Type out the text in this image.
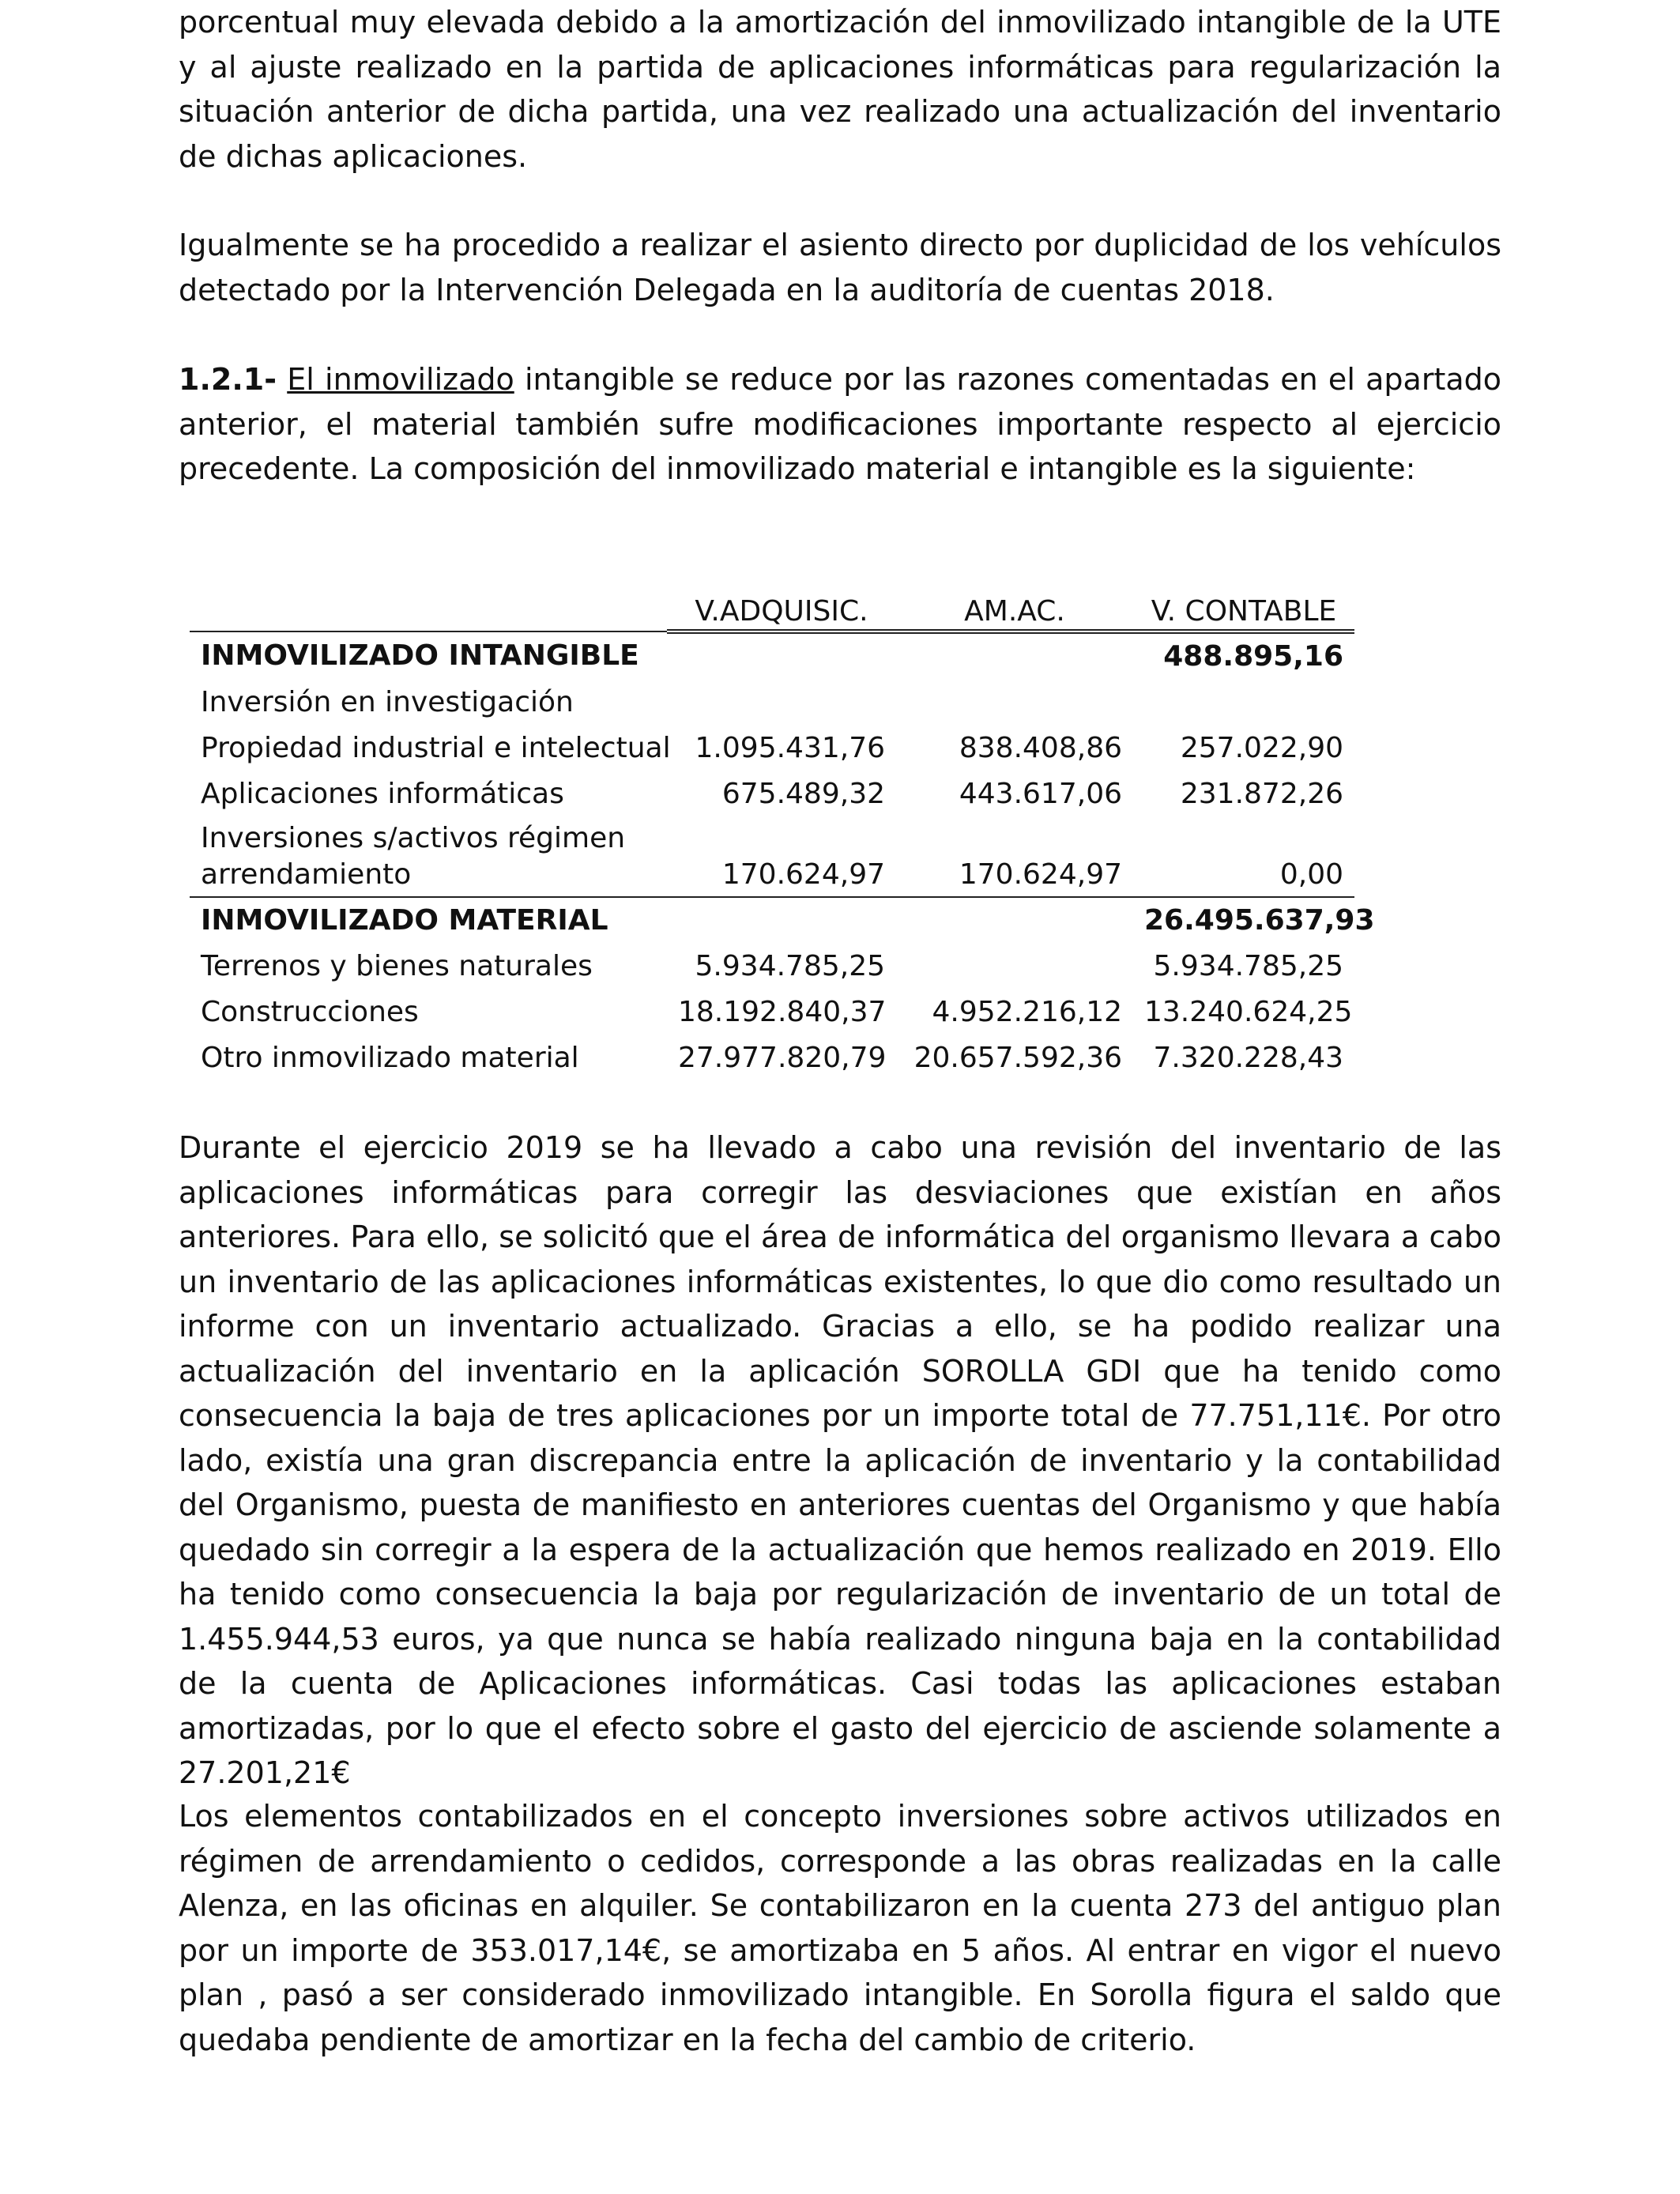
porcentual muy elevada debido a la amortización del inmovilizado intangible de la UTE y al ajuste realizado en la partida de aplicaciones informáticas para regularización la situación anterior de dicha partida, una vez realizado una actualización del inventario de dichas aplicaciones.

Igualmente se ha procedido a realizar el asiento directo por duplicidad de los vehículos detectado por la Intervención Delegada en la auditoría de cuentas 2018.

1.2.1- El inmovilizado intangible se reduce por las razones comentadas en el apartado anterior, el material también sufre modificaciones importante respecto al ejercicio precedente. La composición del inmovilizado material e intangible es la siguiente:

Durante el ejercicio 2019 se ha llevado a cabo una revisión del inventario de las aplicaciones informáticas para corregir las desviaciones que existían en años anteriores. Para ello, se solicitó que el área de informática del organismo llevara a cabo un inventario de las aplicaciones informáticas existentes, lo que dio como resultado un informe con un inventario actualizado. Gracias a ello, se ha podido realizar una actualización del inventario en la aplicación SOROLLA GDI que ha tenido como consecuencia la baja de tres aplicaciones por un importe total de 77.751,11€. Por otro lado, existía una gran discrepancia entre la aplicación de inventario y la contabilidad del Organismo, puesta de manifiesto en anteriores cuentas del Organismo y que había quedado sin corregir a la espera de la actualización que hemos realizado en 2019. Ello ha tenido como consecuencia la baja por regularización de inventario de un total de 1.455.944,53 euros, ya que nunca se había realizado ninguna baja en la contabilidad de la cuenta de Aplicaciones informáticas. Casi todas las aplicaciones estaban amortizadas, por lo que el efecto sobre el gasto del ejercicio de asciende solamente a 27.201,21€

Los elementos contabilizados en el concepto inversiones sobre activos utilizados en régimen de arrendamiento o cedidos, corresponde a las obras realizadas en la calle Alenza, en las oficinas en alquiler. Se contabilizaron en la cuenta 273 del antiguo plan por un importe de 353.017,14€, se amortizaba en 5 años. Al entrar en vigor el nuevo plan , pasó a ser considerado inmovilizado intangible. En Sorolla figura el saldo que quedaba pendiente de amortizar en la fecha del cambio de criterio.

	V.ADQUISIC.	AM.AC.	V. CONTABLE
INMOVILIZADO INTANGIBLE			488.895,16
Inversión en investigación			
Propiedad industrial e intelectual	1.095.431,76	838.408,86	257.022,90
Aplicaciones informáticas	675.489,32	443.617,06	231.872,26

Inversiones s/activos régimen
arrendamiento	170.624,97	170.624,97	0,00
INMOVILIZADO MATERIAL			26.495.637,93
Terrenos y bienes naturales	5.934.785,25		5.934.785,25
Construcciones	18.192.840,37	4.952.216,12	13.240.624,25
Otro inmovilizado material	27.977.820,79	20.657.592,36	7.320.228,43
